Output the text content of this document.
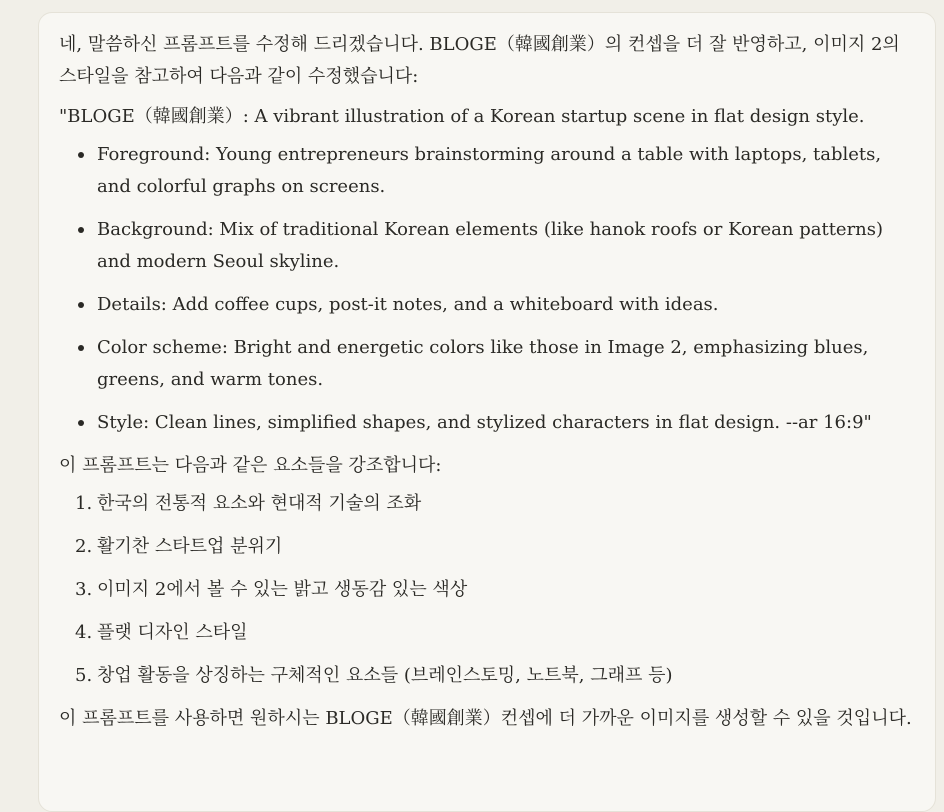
네, 말씀하신 프롬프트를 수정해 드리겠습니다. BLOGE（韓國創業）의 컨셉을 더 잘 반영하고, 이미지 2의 스타일을 참고하여 다음과 같이 수정했습니다:

"BLOGE（韓國創業）: A vibrant illustration of a Korean startup scene in flat design style.

Foreground: Young entrepreneurs brainstorming around a table with laptops, tablets, and colorful graphs on screens.
Background: Mix of traditional Korean elements (like hanok roofs or Korean patterns) and modern Seoul skyline.
Details: Add coffee cups, post-it notes, and a whiteboard with ideas.
Color scheme: Bright and energetic colors like those in Image 2, emphasizing blues, greens, and warm tones.
Style: Clean lines, simplified shapes, and stylized characters in flat design. --ar 16:9"

이 프롬프트는 다음과 같은 요소들을 강조합니다:

1. 한국의 전통적 요소와 현대적 기술의 조화
2. 활기찬 스타트업 분위기
3. 이미지 2에서 볼 수 있는 밝고 생동감 있는 색상
4. 플랫 디자인 스타일
5. 창업 활동을 상징하는 구체적인 요소들 (브레인스토밍, 노트북, 그래프 등)

이 프롬프트를 사용하면 원하시는 BLOGE（韓國創業）컨셉에 더 가까운 이미지를 생성할 수 있을 것입니다.
